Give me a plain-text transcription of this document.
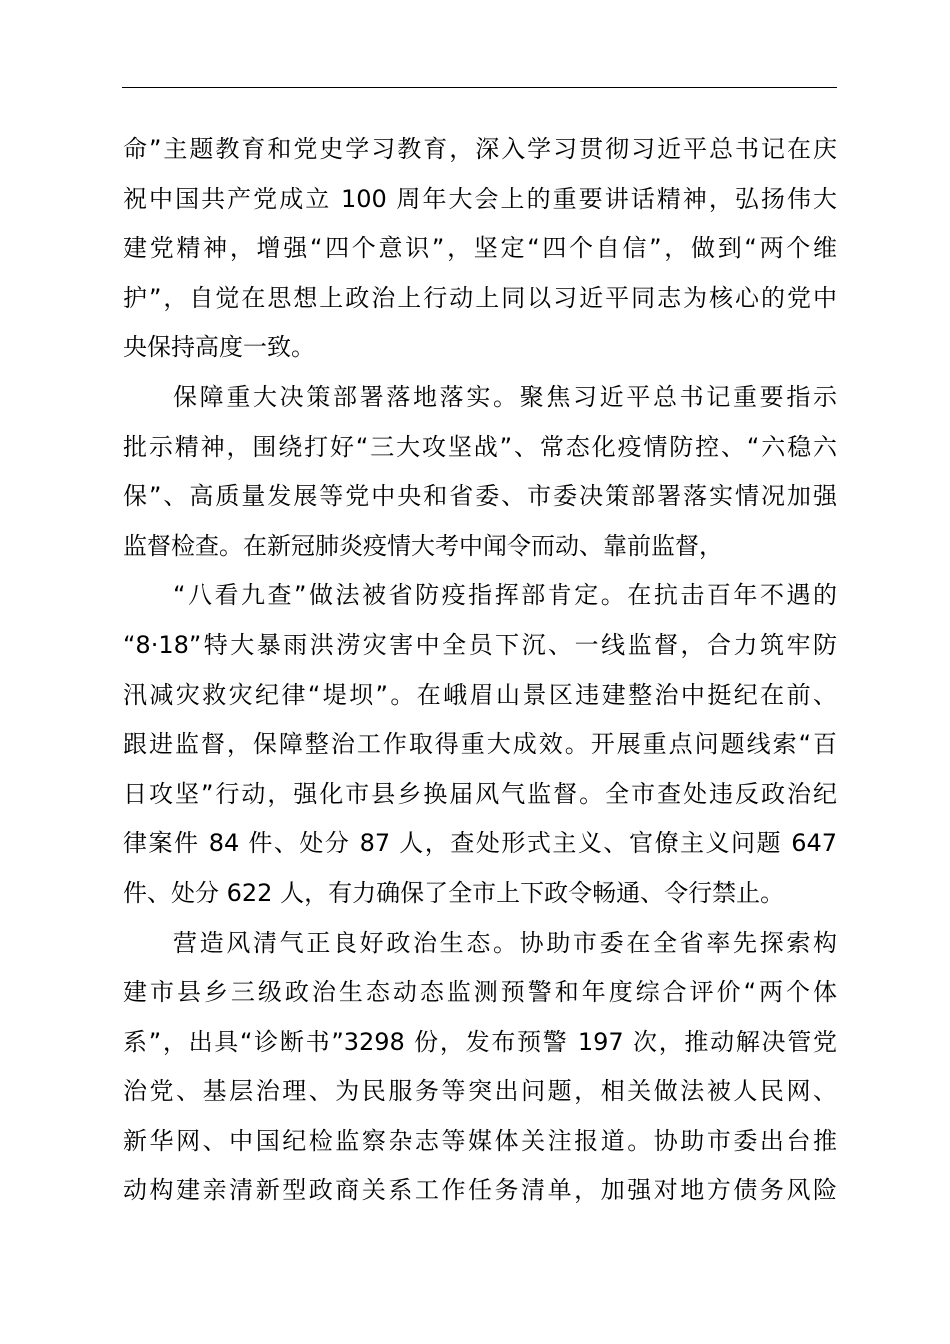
命”主题教育和党史学习教育，深入学习贯彻习近平总书记在庆
祝中国共产党成立 100 周年大会上的重要讲话精神，弘扬伟大
建党精神，增强“四个意识”，坚定“四个自信”，做到“两个维
护”，自觉在思想上政治上行动上同以习近平同志为核心的党中
央保持高度一致。
保障重大决策部署落地落实。聚焦习近平总书记重要指示
批示精神，围绕打好“三大攻坚战”、常态化疫情防控、“六稳六
保”、高质量发展等党中央和省委、市委决策部署落实情况加强
监督检查。在新冠肺炎疫情大考中闻令而动、靠前监督，
“八看九查”做法被省防疫指挥部肯定。在抗击百年不遇的
“8·18”特大暴雨洪涝灾害中全员下沉、一线监督，合力筑牢防
汛减灾救灾纪律“堤坝”。在峨眉山景区违建整治中挺纪在前、
跟进监督，保障整治工作取得重大成效。开展重点问题线索“百
日攻坚”行动，强化市县乡换届风气监督。全市查处违反政治纪
律案件 84 件、处分 87 人，查处形式主义、官僚主义问题 647
件、处分 622 人，有力确保了全市上下政令畅通、令行禁止。
营造风清气正良好政治生态。协助市委在全省率先探索构
建市县乡三级政治生态动态监测预警和年度综合评价“两个体
系”，出具“诊断书”3298 份，发布预警 197 次，推动解决管党
治党、基层治理、为民服务等突出问题，相关做法被人民网、
新华网、中国纪检监察杂志等媒体关注报道。协助市委出台推
动构建亲清新型政商关系工作任务清单，加强对地方债务风险
